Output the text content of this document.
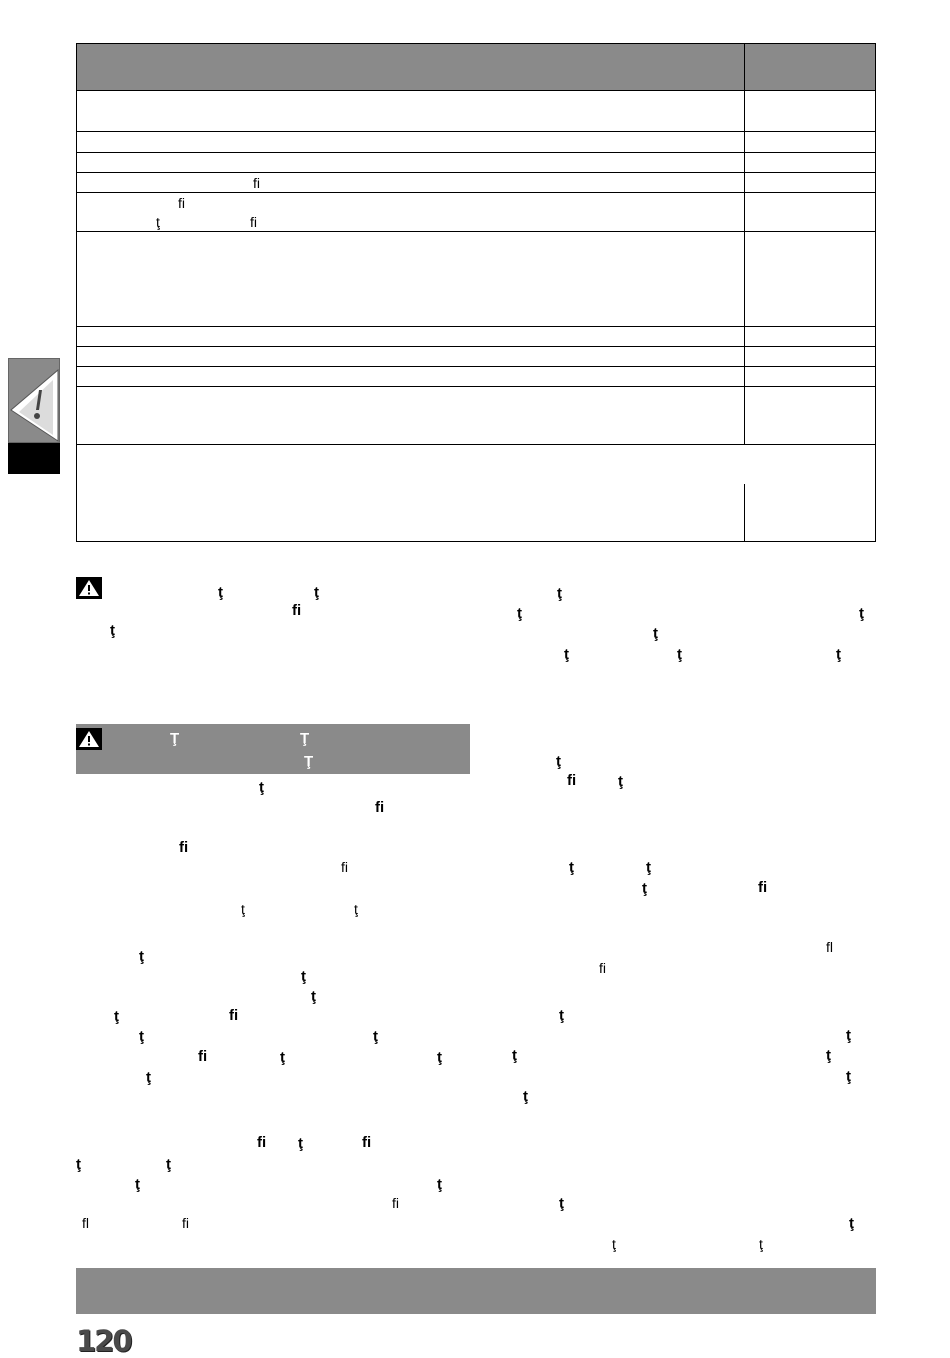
ﬁ
ﬁ
ţ	ﬁ
ţ	ţ
ﬁ
ţ
Ţ	Ţ
Ţ
ţ
ﬁ
ﬁ
ﬁ
ţ	ţ
ţ
ţ
ţ
ţ	ﬁ
ţ	ţ
ﬁ	ţ	ţ
ţ
ﬁ ţ	ﬁ
ţ	ţ
ţ	ţ
ﬁ
ﬂ	ﬁ
ţ
ţ	ţ
ţ
ţ	ţ	ţ
ţ
ﬁ	ţ
ţ	ţ
ţ	ﬁ
ﬂ
ﬁ
ţ
ţ
ţ	ţ
ţ
ţ
ţ
ţ
ţ	ţ
120
